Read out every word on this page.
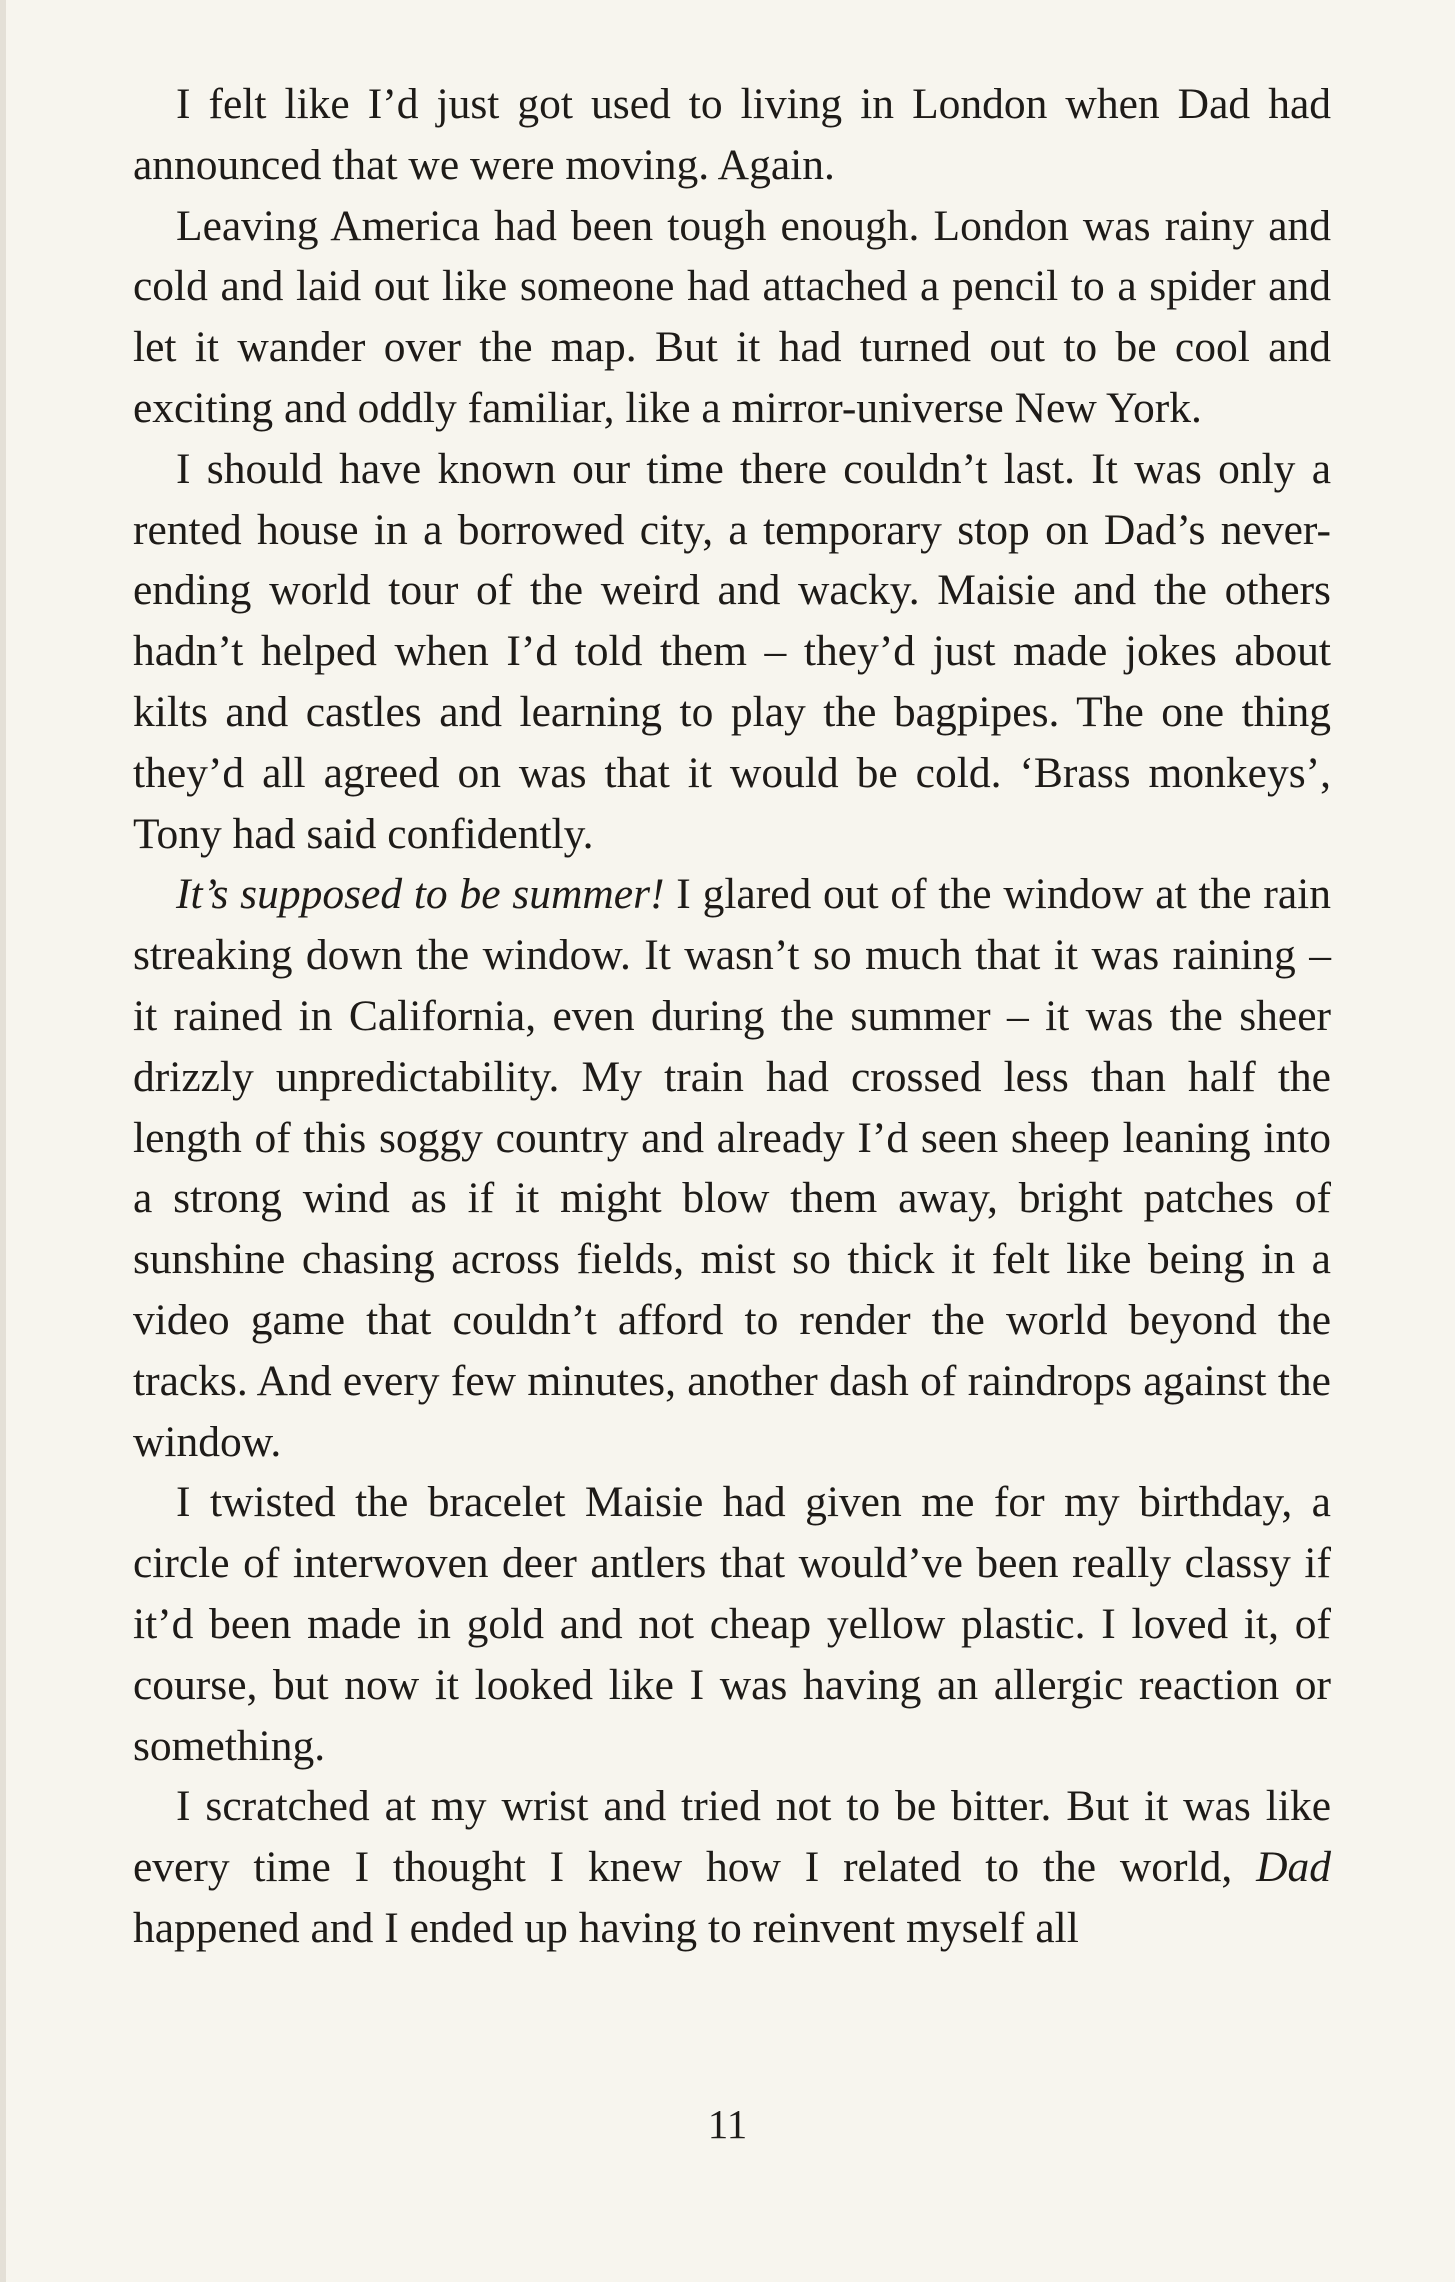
I felt like I’d just got used to living in London when Dad had announced that we were moving. Again.

Leaving America had been tough enough. London was rainy and cold and laid out like someone had attached a pencil to a spider and let it wander over the map. But it had turned out to be cool and exciting and oddly familiar, like a mirror-universe New York.

I should have known our time there couldn’t last. It was only a rented house in a borrowed city, a temporary stop on Dad’s never-ending world tour of the weird and wacky. Maisie and the others hadn’t helped when I’d told them – they’d just made jokes about kilts and castles and learning to play the bagpipes. The one thing they’d all agreed on was that it would be cold. ‘Brass monkeys’, Tony had said confidently.

It’s supposed to be summer! I glared out of the window at the rain streaking down the window. It wasn’t so much that it was raining – it rained in California, even during the summer – it was the sheer drizzly unpredictability. My train had crossed less than half the length of this soggy country and already I’d seen sheep leaning into a strong wind as if it might blow them away, bright patches of sunshine chasing across fields, mist so thick it felt like being in a video game that couldn’t afford to render the world beyond the tracks. And every few minutes, another dash of raindrops against the window.

I twisted the bracelet Maisie had given me for my birthday, a circle of interwoven deer antlers that would’ve been really classy if it’d been made in gold and not cheap yellow plastic. I loved it, of course, but now it looked like I was having an allergic reaction or something.

I scratched at my wrist and tried not to be bitter. But it was like every time I thought I knew how I related to the world, Dad happened and I ended up having to reinvent myself all

11
